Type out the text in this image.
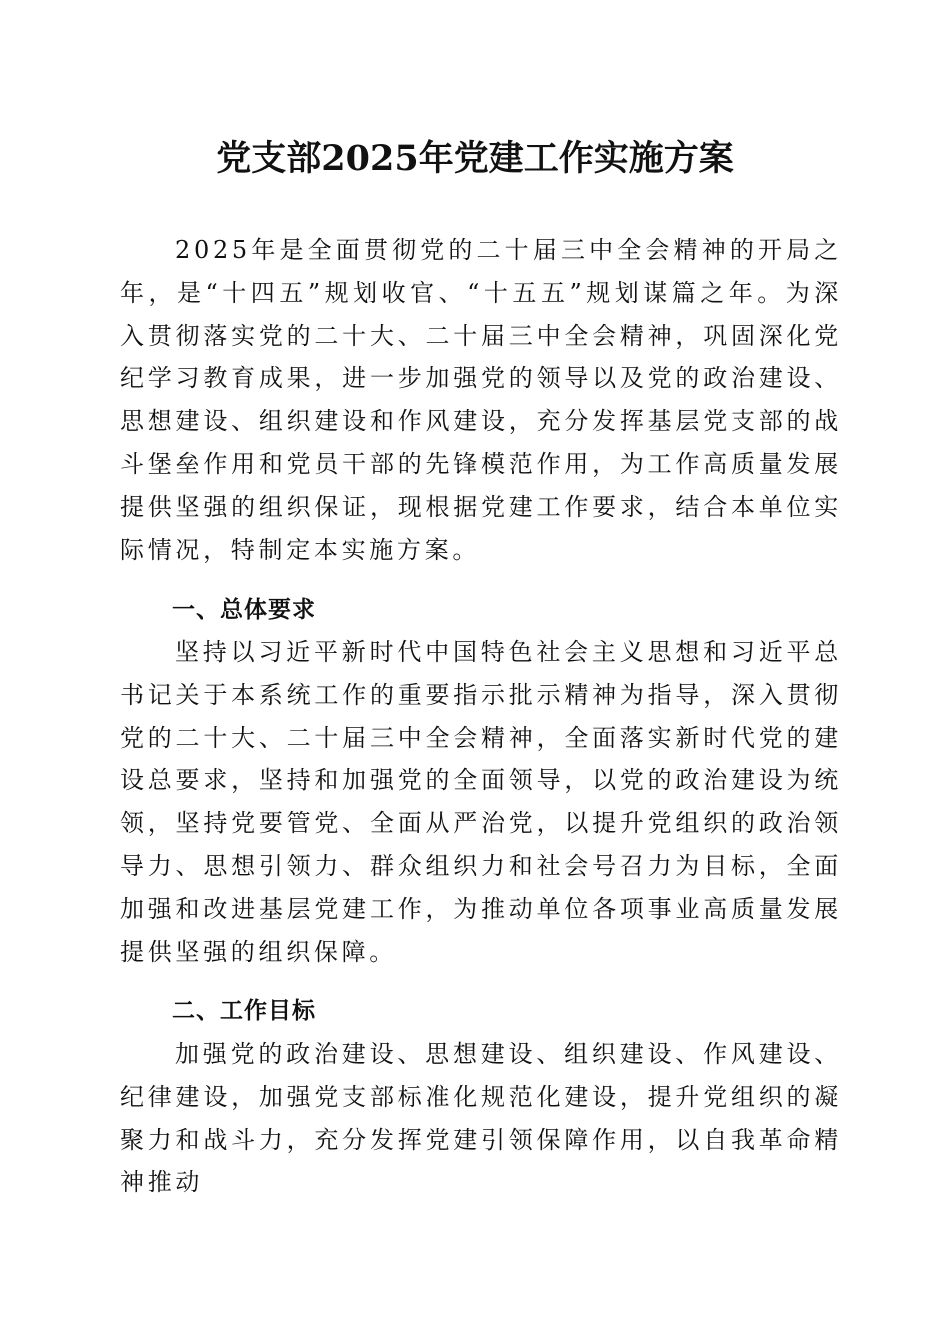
党支部2025年党建工作实施方案

2025年是全面贯彻党的二十届三中全会精神的开局之年，是“十四五”规划收官、“十五五”规划谋篇之年。为深入贯彻落实党的二十大、二十届三中全会精神，巩固深化党纪学习教育成果，进一步加强党的领导以及党的政治建设、思想建设、组织建设和作风建设，充分发挥基层党支部的战斗堡垒作用和党员干部的先锋模范作用，为工作高质量发展提供坚强的组织保证，现根据党建工作要求，结合本单位实际情况，特制定本实施方案。

一、总体要求

坚持以习近平新时代中国特色社会主义思想和习近平总书记关于本系统工作的重要指示批示精神为指导，深入贯彻党的二十大、二十届三中全会精神，全面落实新时代党的建设总要求，坚持和加强党的全面领导，以党的政治建设为统领，坚持党要管党、全面从严治党，以提升党组织的政治领导力、思想引领力、群众组织力和社会号召力为目标，全面加强和改进基层党建工作，为推动单位各项事业高质量发展提供坚强的组织保障。

二、工作目标

加强党的政治建设、思想建设、组织建设、作风建设、纪律建设，加强党支部标准化规范化建设，提升党组织的凝聚力和战斗力，充分发挥党建引领保障作用，以自我革命精神推动
